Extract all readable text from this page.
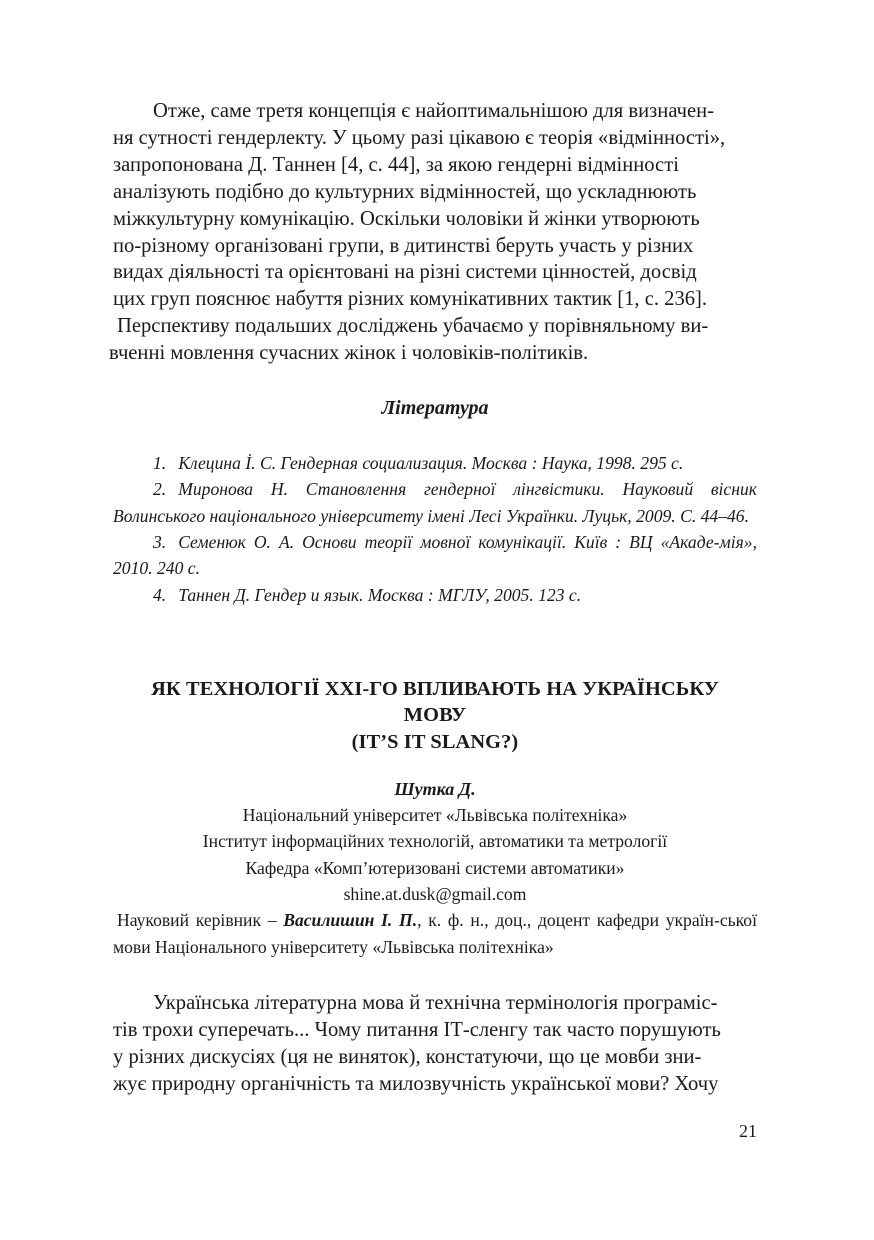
Отже, саме третя концепція є найоптимальнішою для визначен-
ня сутності гендерлекту. У цьому разі цікавою є теорія «відмінності»,
запропонована Д. Таннен [4, с. 44], за якою гендерні відмінності
аналізують подібно до культурних відмінностей, що ускладнюють
міжкультурну комунікацію. Оскільки чоловіки й жінки утворюють
по-різному організовані групи, в дитинстві беруть участь у різних
видах діяльності та орієнтовані на різні системи цінностей, досвід
цих груп пояснює набуття різних комунікативних тактик [1, с. 236].

Перспективу подальших досліджень убачаємо у порівняльному ви-
вченні мовлення сучасних жінок і чоловіків-політиків.

Література

1. Клецина İ. С. Гендерная социализация. Москва : Наука, 1998. 295 с.

2. Миронова Н. Становлення гендерної лінгвістики. Науковий вісник Волинського національного університету імені Лесі Українки. Луцьк, 2009. С. 44–46.

3. Семенюк О. А. Основи теорії мовної комунікації. Київ : ВЦ «Акаде-мія», 2010. 240 с.

4. Таннен Д. Гендер и язык. Москва : МГЛУ, 2005. 123 с.

ЯК ТЕХНОЛОГІЇ ХХІ-ГО ВПЛИВАЮТЬ НА УКРАЇНСЬКУ

МОВУ

(IT’S IT SLANG?)

Шутка Д.

Національний університет «Львівська політехніка»

Інститут інформаційних технологій, автоматики та метрології

Кафедра «Комп’ютеризовані системи автоматики»

shine.at.dusk@gmail.com

Науковий керівник – Василишин І. П., к. ф. н., доц., доцент кафедри україн-ської мови Національного університету «Львівська політехніка»

Українська літературна мова й технічна термінологія програміс-
тів трохи суперечать... Чому питання ІТ-сленгу так часто порушують
у різних дискусіях (ця не виняток), констатуючи, що це мовби зни-
жує природну органічність та милозвучність української мови? Хочу

21
